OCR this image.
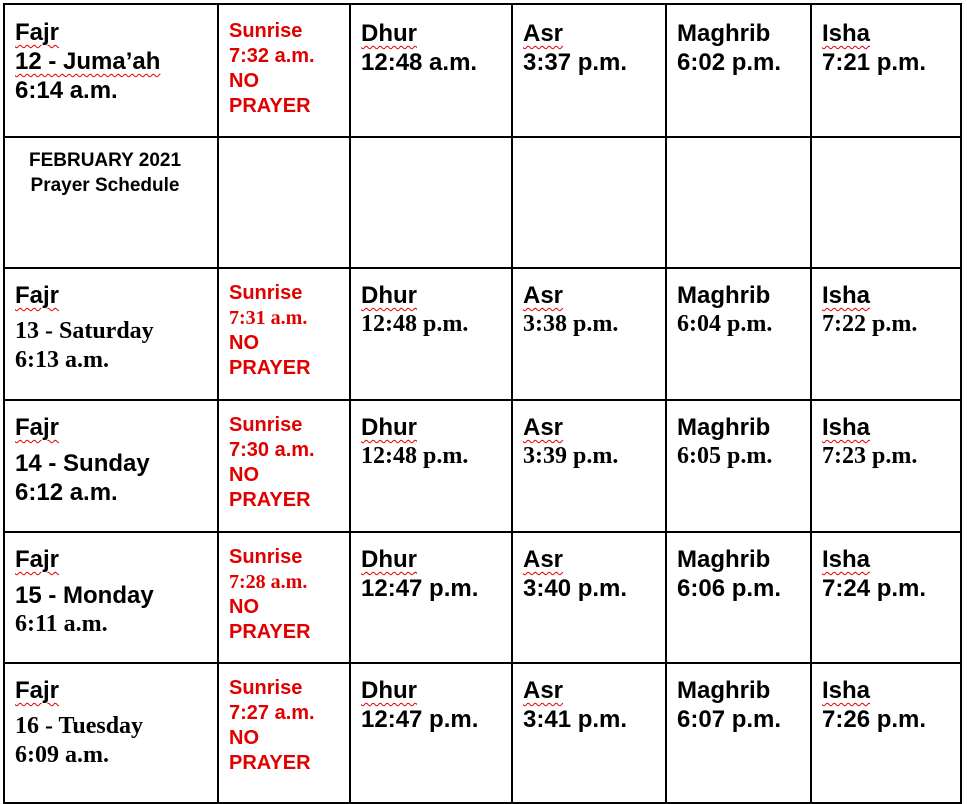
Fajr
12 - Juma’ah
6:14 a.m.	Sunrise
7:32 a.m.
NO
PRAYER	Dhur
12:48 a.m.	Asr
3:37 p.m.	Maghrib
6:02 p.m.	Isha
7:21 p.m.

FEBRUARY 2021
Prayer Schedule					

Fajr
13 - Saturday
6:13 a.m.	Sunrise
7:31 a.m.
NO
PRAYER	Dhur
12:48 p.m.	Asr
3:38 p.m.	Maghrib
6:04 p.m.	Isha
7:22 p.m.

Fajr
14 - Sunday
6:12 a.m.	Sunrise
7:30 a.m.
NO
PRAYER	Dhur
12:48 p.m.	Asr
3:39 p.m.	Maghrib
6:05 p.m.	Isha
7:23 p.m.

Fajr
15 - Monday
6:11 a.m.	Sunrise
7:28 a.m.
NO
PRAYER	Dhur
12:47 p.m.	Asr
3:40 p.m.	Maghrib
6:06 p.m.	Isha
7:24 p.m.

Fajr
16 - Tuesday
6:09 a.m.	Sunrise
7:27 a.m.
NO
PRAYER	Dhur
12:47 p.m.	Asr
3:41 p.m.	Maghrib
6:07 p.m.	Isha
7:26 p.m.
